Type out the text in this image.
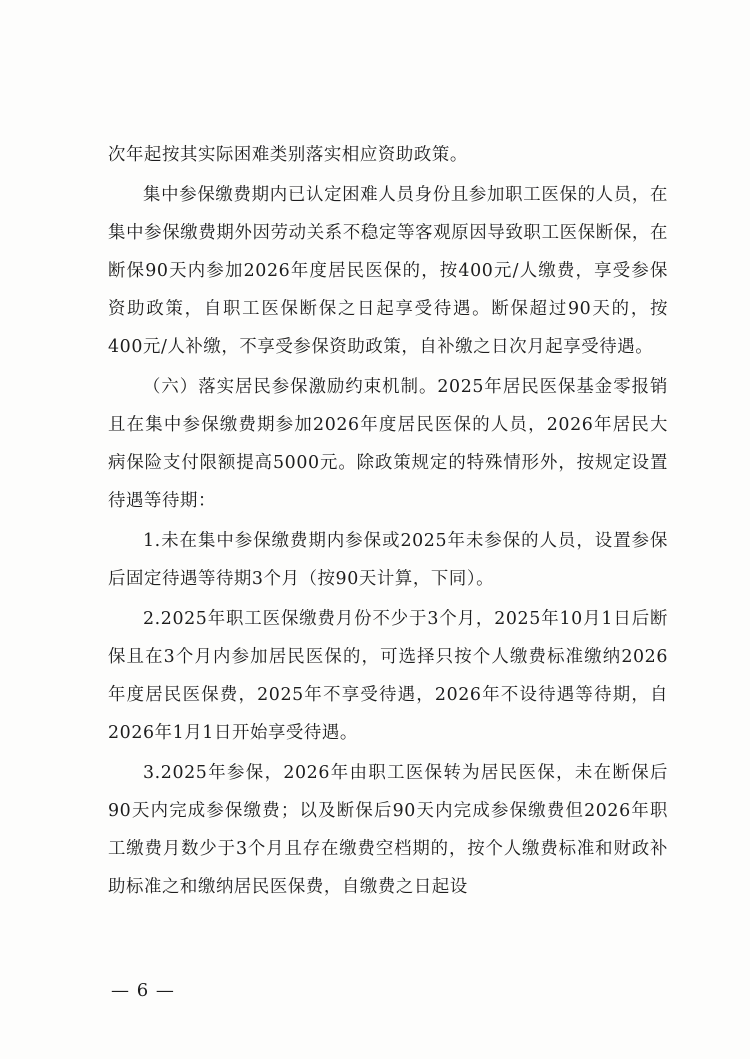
次年起按其实际困难类别落实相应资助政策。

集中参保缴费期内已认定困难人员身份且参加职工医保的人员，在集中参保缴费期外因劳动关系不稳定等客观原因导致职工医保断保，在断保90天内参加2026年度居民医保的，按400元/人缴费，享受参保资助政策，自职工医保断保之日起享受待遇。断保超过90天的，按400元/人补缴，不享受参保资助政策，自补缴之日次月起享受待遇。

（六）落实居民参保激励约束机制。2025年居民医保基金零报销且在集中参保缴费期参加2026年度居民医保的人员，2026年居民大病保险支付限额提高5000元。除政策规定的特殊情形外，按规定设置待遇等待期：

1.未在集中参保缴费期内参保或2025年未参保的人员，设置参保后固定待遇等待期3个月（按90天计算，下同）。

2.2025年职工医保缴费月份不少于3个月，2025年10月1日后断保且在3个月内参加居民医保的，可选择只按个人缴费标准缴纳2026年度居民医保费，2025年不享受待遇，2026年不设待遇等待期，自2026年1月1日开始享受待遇。

3.2025年参保，2026年由职工医保转为居民医保，未在断保后90天内完成参保缴费；以及断保后90天内完成参保缴费但2026年职工缴费月数少于3个月且存在缴费空档期的，按个人缴费标准和财政补助标准之和缴纳居民医保费，自缴费之日起设

— 6 —
